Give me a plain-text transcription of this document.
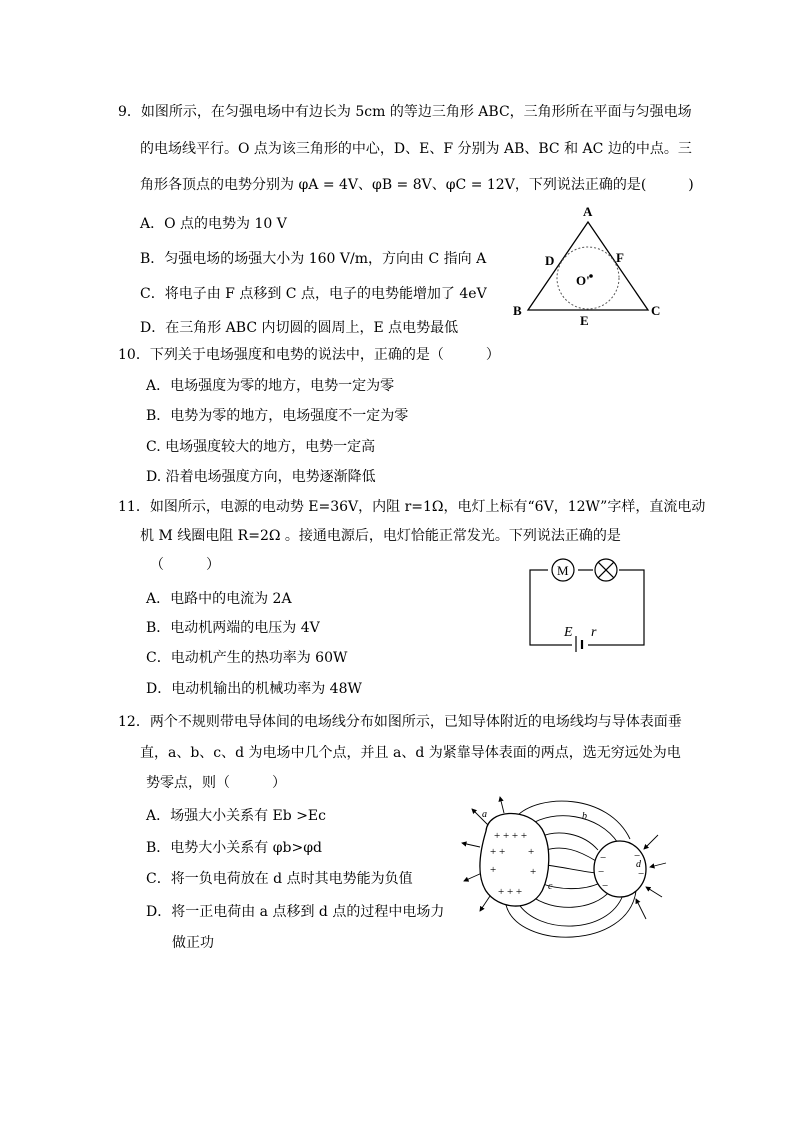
9．如图所示，在匀强电场中有边长为 5cm 的等边三角形 ABC，三角形所在平面与匀强电场
的电场线平行。O 点为该三角形的中心，D、E、F 分别为 AB、BC 和 AC 边的中点。三
角形各顶点的电势分别为 φA = 4V、φB = 8V、φC = 12V，下列说法正确的是(　　　)
A．O 点的电势为 10 V
B．匀强电场的场强大小为 160 V/m，方向由 C 指向 A
C．将电子由 F 点移到 C 点，电子的电势能增加了 4eV
D．在三角形 ABC 内切圆的圆周上，E 点电势最低
A
B	C
D
E
F
O'
10．下列关于电场强度和电势的说法中，正确的是（　　　）
A．电场强度为零的地方，电势一定为零
B．电势为零的地方，电场强度不一定为零
C. 电场强度较大的地方，电势一定高
D. 沿着电场强度方向，电势逐渐降低
11．如图所示，电源的电动势 E=36V，内阻 r=1Ω，电灯上标有“6V，12W”字样，直流电动
机 M 线圈电阻 R=2Ω 。接通电源后，电灯恰能正常发光。下列说法正确的是
（　　　）
A．电路中的电流为 2A
B．电动机两端的电压为 4V
C．电动机产生的热功率为 60W
D．电动机输出的机械功率为 48W
M
E r
12．两个不规则带电导体间的电场线分布如图所示，已知导体附近的电场线均与导体表面垂
直，a、b、c、d 为电场中几个点，并且 a、d 为紧靠导体表面的两点，选无穷远处为电
势零点，则（　　　）
A．场强大小关系有 Eb >Ec
B．电势大小关系有 φb>φd
C．将一负电荷放在 d 点时其电势能为负值
D．将一正电荷由 a 点移到 d 点的过程中电场力
做正功
+ + + +
+ + +
+	+
+ + +
−
−
−
−
−
a	b
c
d
